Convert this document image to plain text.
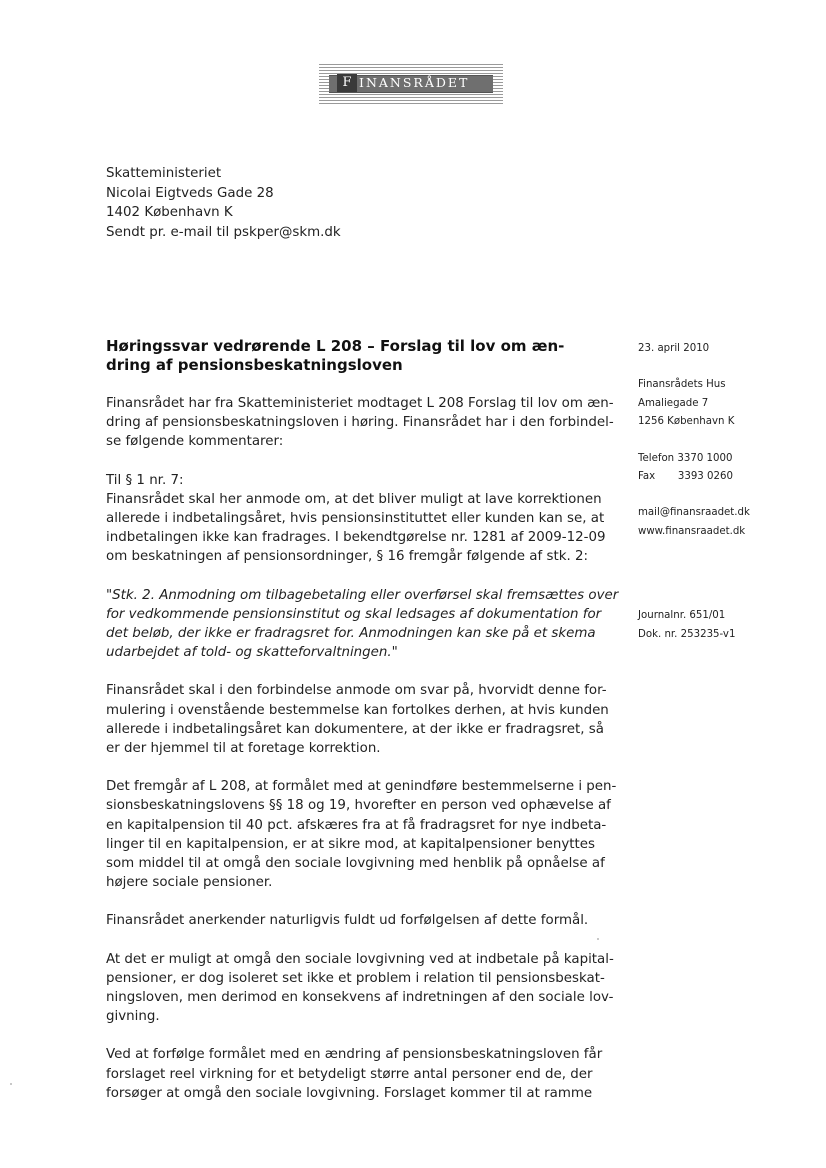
F INANSRÅDET
Skatteministeriet
Nicolai Eigtveds Gade 28
1402 København K
Sendt pr. e-mail til pskper@skm.dk
Høringssvar vedrørende L 208 – Forslag til lov om æn-
dring af pensionsbeskatningsloven

Finansrådet har fra Skatteministeriet modtaget L 208 Forslag til lov om æn-
dring af pensionsbeskatningsloven i høring. Finansrådet har i den forbindel-
se følgende kommentarer:

Til § 1 nr. 7:

Finansrådet skal her anmode om, at det bliver muligt at lave korrektionen
allerede i indbetalingsåret, hvis pensionsinstituttet eller kunden kan se, at
indbetalingen ikke kan fradrages. I bekendtgørelse nr. 1281 af 2009-12-09
om beskatningen af pensionsordninger, § 16 fremgår følgende af stk. 2:

"Stk. 2. Anmodning om tilbagebetaling eller overførsel skal fremsættes over
for vedkommende pensionsinstitut og skal ledsages af dokumentation for
det beløb, der ikke er fradragsret for. Anmodningen kan ske på et skema
udarbejdet af told- og skatteforvaltningen."

Finansrådet skal i den forbindelse anmode om svar på, hvorvidt denne for-
mulering i ovenstående bestemmelse kan fortolkes derhen, at hvis kunden
allerede i indbetalingsåret kan dokumentere, at der ikke er fradragsret, så
er der hjemmel til at foretage korrektion.

Det fremgår af L 208, at formålet med at genindføre bestemmelserne i pen-
sionsbeskatningslovens §§ 18 og 19, hvorefter en person ved ophævelse af
en kapitalpension til 40 pct. afskæres fra at få fradragsret for nye indbeta-
linger til en kapitalpension, er at sikre mod, at kapitalpensioner benyttes
som middel til at omgå den sociale lovgivning med henblik på opnåelse af
højere sociale pensioner.

Finansrådet anerkender naturligvis fuldt ud forfølgelsen af dette formål.

At det er muligt at omgå den sociale lovgivning ved at indbetale på kapital-
pensioner, er dog isoleret set ikke et problem i relation til pensionsbeskat-
ningsloven, men derimod en konsekvens af indretningen af den sociale lov-
givning.

Ved at forfølge formålet med en ændring af pensionsbeskatningsloven får
forslaget reel virkning for et betydeligt større antal personer end de, der
forsøger at omgå den sociale lovgivning. Forslaget kommer til at ramme

23. april 2010
Finansrådets Hus
Amaliegade 7
1256 København K
Telefon 3370 1000
Fax       3393 0260
mail@finansraadet.dk
www.finansraadet.dk
Journalnr. 651/01
Dok. nr. 253235-v1
